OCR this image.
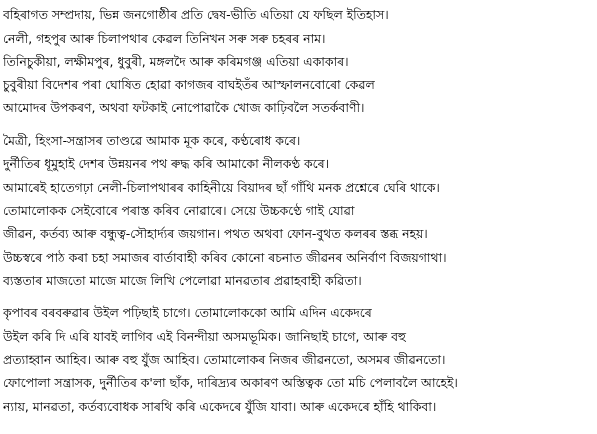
বহিৰাগত সম্প্ৰদায়, ভিন্ন জনগোষ্ঠীৰ প্ৰতি দ্বেষ-ভীতি এতিয়া যে ফছিল ইতিহাস।
নেলী, গহপুৰ আৰু চিলাপথাৰ কেৱল তিনিখন সৰু সৰু চহৰৰ নাম।
তিনিচুকীয়া, লক্ষীমপুৰ, ধুবুৰী, মঙ্গলদৈ আৰু কৰিমগঞ্জ এতিয়া একাকাৰ।
চুবুৰীয়া বিদেশৰ পৰা ঘোষিত হোৱা কাগজৰ বাঘইতঁৰ আস্ফালনবোৰো কেৱল
আমোদৰ উপকৰণ, অথবা ফটকাই নোপোৱাকৈ খোজ কাঢ়িবলৈ সতৰ্কবাণী।
মৈত্ৰী, হিংসা-সন্ত্ৰাসৰ তাণ্ডৱে আমাক মূক কৰে, কণ্ঠৰোধ কৰে।
দুৰ্নীতিৰ ধূমুহাই দেশৰ উন্নয়নৰ পথ ৰুদ্ধ কৰি আমাকো নীলকণ্ঠ কৰে।
আমাৰেই হাতেগঢ়া নেলী-চিলাপথাৰৰ কাহিনীয়ে বিয়াদৰ ছাঁ গাঁথি মনক প্ৰশ্নেৰে ঘেৰি থাকে।
তোমালোকক সেইবোৰে পৰাস্ত কৰিব নোৱাৰে। সেয়ে উচ্চকণ্ঠে গাই যোৱা
জীৱন, কৰ্তব্য আৰু বন্ধুত্ব-সৌহাৰ্দ্যৰ জয়গান। পথত অথবা ফোন-বুথত কলৰৰ স্তব্ধ নহয়।
উচ্চস্বৰে পাঠ কৰা চহা সমাজৰ বাৰ্তাবাহী কৰিব কোনো ৰচনাত জীৱনৰ অনিৰ্বাণ বিজয়গাথা।
ব্যস্ততাৰ মাজতো মাজে মাজে লিখি পেলোৱা মানৱতাৰ প্ৰৱাহবাহী কৱিতা।
কৃপাবৰ বৰবৰুৱাৰ উইল পঢ়িছাই চাগে। তোমালোককো আমি এদিন একেদৰে
উইল কৰি দি এৰি যাবই লাগিব এই বিনন্দীয়া অসমভূমিক। জানিছাই চাগে, আৰু বহু
প্ৰত্যাহ্বান আহিব। আৰু বহু যুঁজ আহিব। তোমালোকৰ নিজৰ জীৱনতো, অসমৰ জীৱনতো।
ফোপোলা সন্ত্ৰাসক, দুৰ্নীতিৰ ক'লা ছাঁক, দাৰিদ্ৰ্যৰ অকাৰণ অস্তিত্বক তো মচি পেলাবলৈ আহেই।
ন্যায়, মানৱতা, কৰ্তব্যবোধক সাৰথি কৰি একেদৰে যুঁজি যাবা। আৰু একেদৰে হাঁহি থাকিবা।
